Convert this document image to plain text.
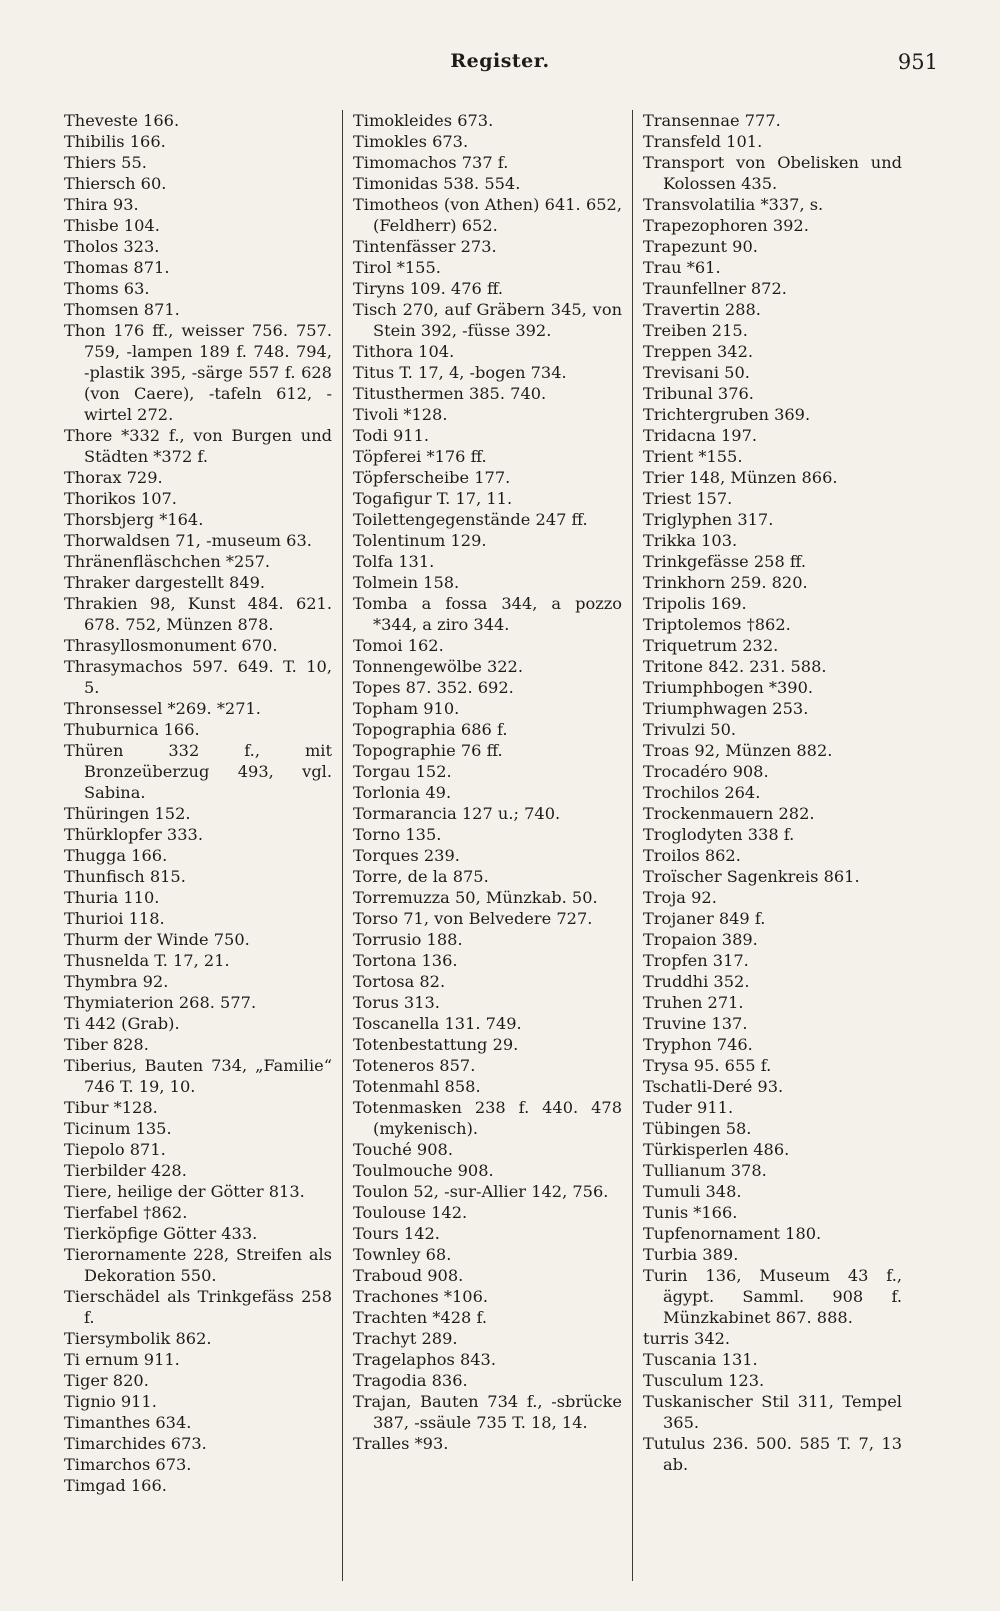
Register.	951
Theveste 166.
Thibilis 166.
Thiers 55.
Thiersch 60.
Thira 93.
Thisbe 104.
Tholos 323.
Thomas 871.
Thoms 63.
Thomsen 871.
Thon 176 ff., weisser 756. 757. 759, -lampen 189 f. 748. 794, -plastik 395, -särge 557 f. 628 (von Caere), -tafeln 612, -wirtel 272.
Thore *332 f., von Burgen und Städten *372 f.
Thorax 729.
Thorikos 107.
Thorsbjerg *164.
Thorwaldsen 71, -museum 63.
Thränenfläschchen *257.
Thraker dargestellt 849.
Thrakien 98, Kunst 484. 621. 678. 752, Münzen 878.
Thrasyllosmonument 670.
Thrasymachos 597. 649. T. 10, 5.
Thronsessel *269. *271.
Thuburnica 166.
Thüren 332 f., mit Bronzeüberzug 493, vgl. Sabina.
Thüringen 152.
Thürklopfer 333.
Thugga 166.
Thunfisch 815.
Thuria 110.
Thurioi 118.
Thurm der Winde 750.
Thusnelda T. 17, 21.
Thymbra 92.
Thymiaterion 268. 577.
Ti 442 (Grab).
Tiber 828.
Tiberius, Bauten 734, „Familie“ 746 T. 19, 10.
Tibur *128.
Ticinum 135.
Tiepolo 871.
Tierbilder 428.
Tiere, heilige der Götter 813.
Tierfabel †862.
Tierköpfige Götter 433.
Tierornamente 228, Streifen als Dekoration 550.
Tierschädel als Trinkgefäss 258 f.
Tiersymbolik 862.
Ti ernum 911.
Tiger 820.
Tignio 911.
Timanthes 634.
Timarchides 673.
Timarchos 673.
Timgad 166.
Timokleides 673.
Timokles 673.
Timomachos 737 f.
Timonidas 538. 554.
Timotheos (von Athen) 641. 652, (Feldherr) 652.
Tintenfässer 273.
Tirol *155.
Tiryns 109. 476 ff.
Tisch 270, auf Gräbern 345, von Stein 392, -füsse 392.
Tithora 104.
Titus T. 17, 4, -bogen 734.
Titusthermen 385. 740.
Tivoli *128.
Todi 911.
Töpferei *176 ff.
Töpferscheibe 177.
Togafigur T. 17, 11.
Toilettengegenstände 247 ff.
Tolentinum 129.
Tolfa 131.
Tolmein 158.
Tomba a fossa 344, a pozzo *344, a ziro 344.
Tomoi 162.
Tonnengewölbe 322.
Topes 87. 352. 692.
Topham 910.
Topographia 686 f.
Topographie 76 ff.
Torgau 152.
Torlonia 49.
Tormarancia 127 u.; 740.
Torno 135.
Torques 239.
Torre, de la 875.
Torremuzza 50, Münzkab. 50.
Torso 71, von Belvedere 727.
Torrusio 188.
Tortona 136.
Tortosa 82.
Torus 313.
Toscanella 131. 749.
Totenbestattung 29.
Toteneros 857.
Totenmahl 858.
Totenmasken 238 f. 440. 478 (mykenisch).
Touché 908.
Toulmouche 908.
Toulon 52, -sur-Allier 142, 756.
Toulouse 142.
Tours 142.
Townley 68.
Traboud 908.
Trachones *106.
Trachten *428 f.
Trachyt 289.
Tragelaphos 843.
Tragodia 836.
Trajan, Bauten 734 f., -sbrücke 387, -ssäule 735 T. 18, 14.
Tralles *93.
Transennae 777.
Transfeld 101.
Transport von Obelisken und Kolossen 435.
Transvolatilia *337, s.
Trapezophoren 392.
Trapezunt 90.
Trau *61.
Traunfellner 872.
Travertin 288.
Treiben 215.
Treppen 342.
Trevisani 50.
Tribunal 376.
Trichtergruben 369.
Tridacna 197.
Trient *155.
Trier 148, Münzen 866.
Triest 157.
Triglyphen 317.
Trikka 103.
Trinkgefässe 258 ff.
Trinkhorn 259. 820.
Tripolis 169.
Triptolemos †862.
Triquetrum 232.
Tritone 842. 231. 588.
Triumphbogen *390.
Triumphwagen 253.
Trivulzi 50.
Troas 92, Münzen 882.
Trocadéro 908.
Trochilos 264.
Trockenmauern 282.
Troglodyten 338 f.
Troilos 862.
Troïscher Sagenkreis 861.
Troja 92.
Trojaner 849 f.
Tropaion 389.
Tropfen 317.
Truddhi 352.
Truhen 271.
Truvine 137.
Tryphon 746.
Trysa 95. 655 f.
Tschatli-Deré 93.
Tuder 911.
Tübingen 58.
Türkisperlen 486.
Tullianum 378.
Tumuli 348.
Tunis *166.
Tupfenornament 180.
Turbia 389.
Turin 136, Museum 43 f., ägypt. Samml. 908 f. Münzkabinet 867. 888.
turris 342.
Tuscania 131.
Tusculum 123.
Tuskanischer Stil 311, Tempel 365.
Tutulus 236. 500. 585 T. 7, 13 ab.
